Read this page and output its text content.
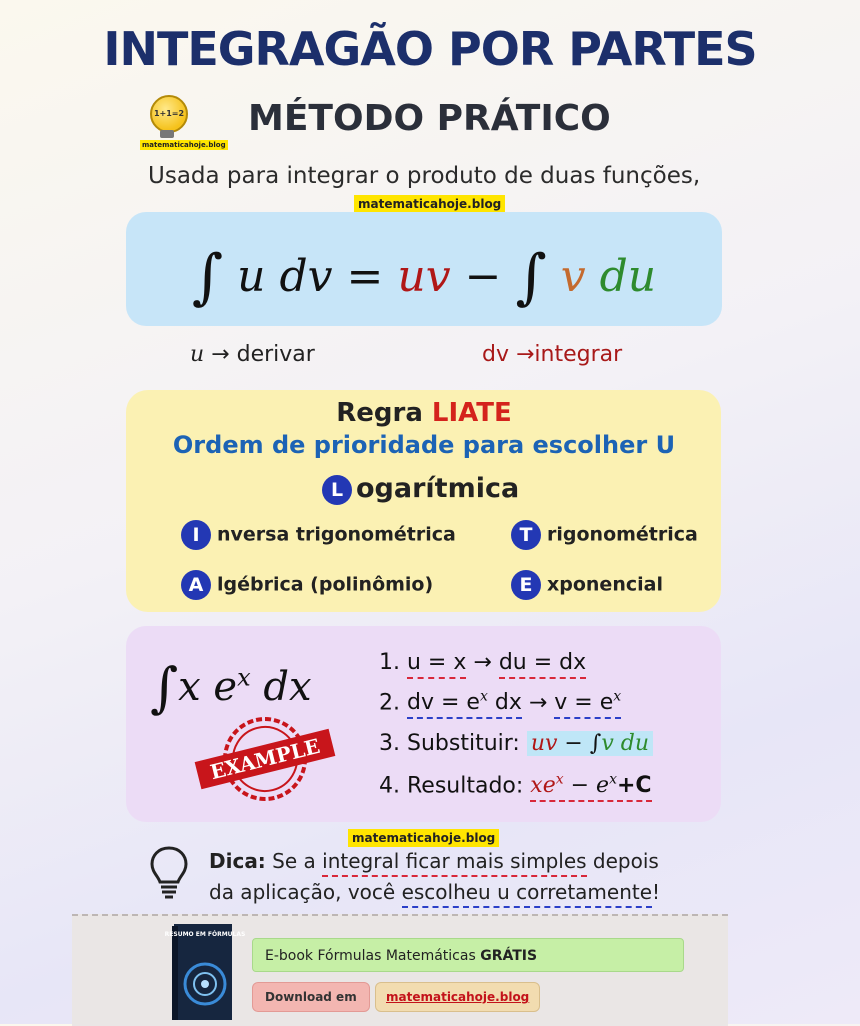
INTEGRAGÃO POR PARTES
1+1=2
matematicahoje.blog
MÉTODO PRÁTICO
Usada para integrar o produto de duas funções,
matematicahoje.blog
∫ u dv = uv − ∫ v du
u → derivar	dv →integrar
Regra LIATE
Ordem de prioridade para escolher U
L ogarítmica
I nversa trigonométrica	T rigonométrica
A lgébrica (polinômio)	E xponencial
∫x $e^x$ dx
EXAMPLE
1. u = x → du = dx
2. dv = $e^x$ dx → $v = e^x$
3. Substituir: uv − ∫v du
4. Resultado: $xe^x - e^x+C$
matematicahoje.blog
Dica: Se a integral ficar mais simples depois
da aplicação, você escolheu u corretamente!
RESUMO EM FÓRMULAS
E-book Fórmulas Matemáticas GRÁTIS
Download em	matematicahoje.blog
